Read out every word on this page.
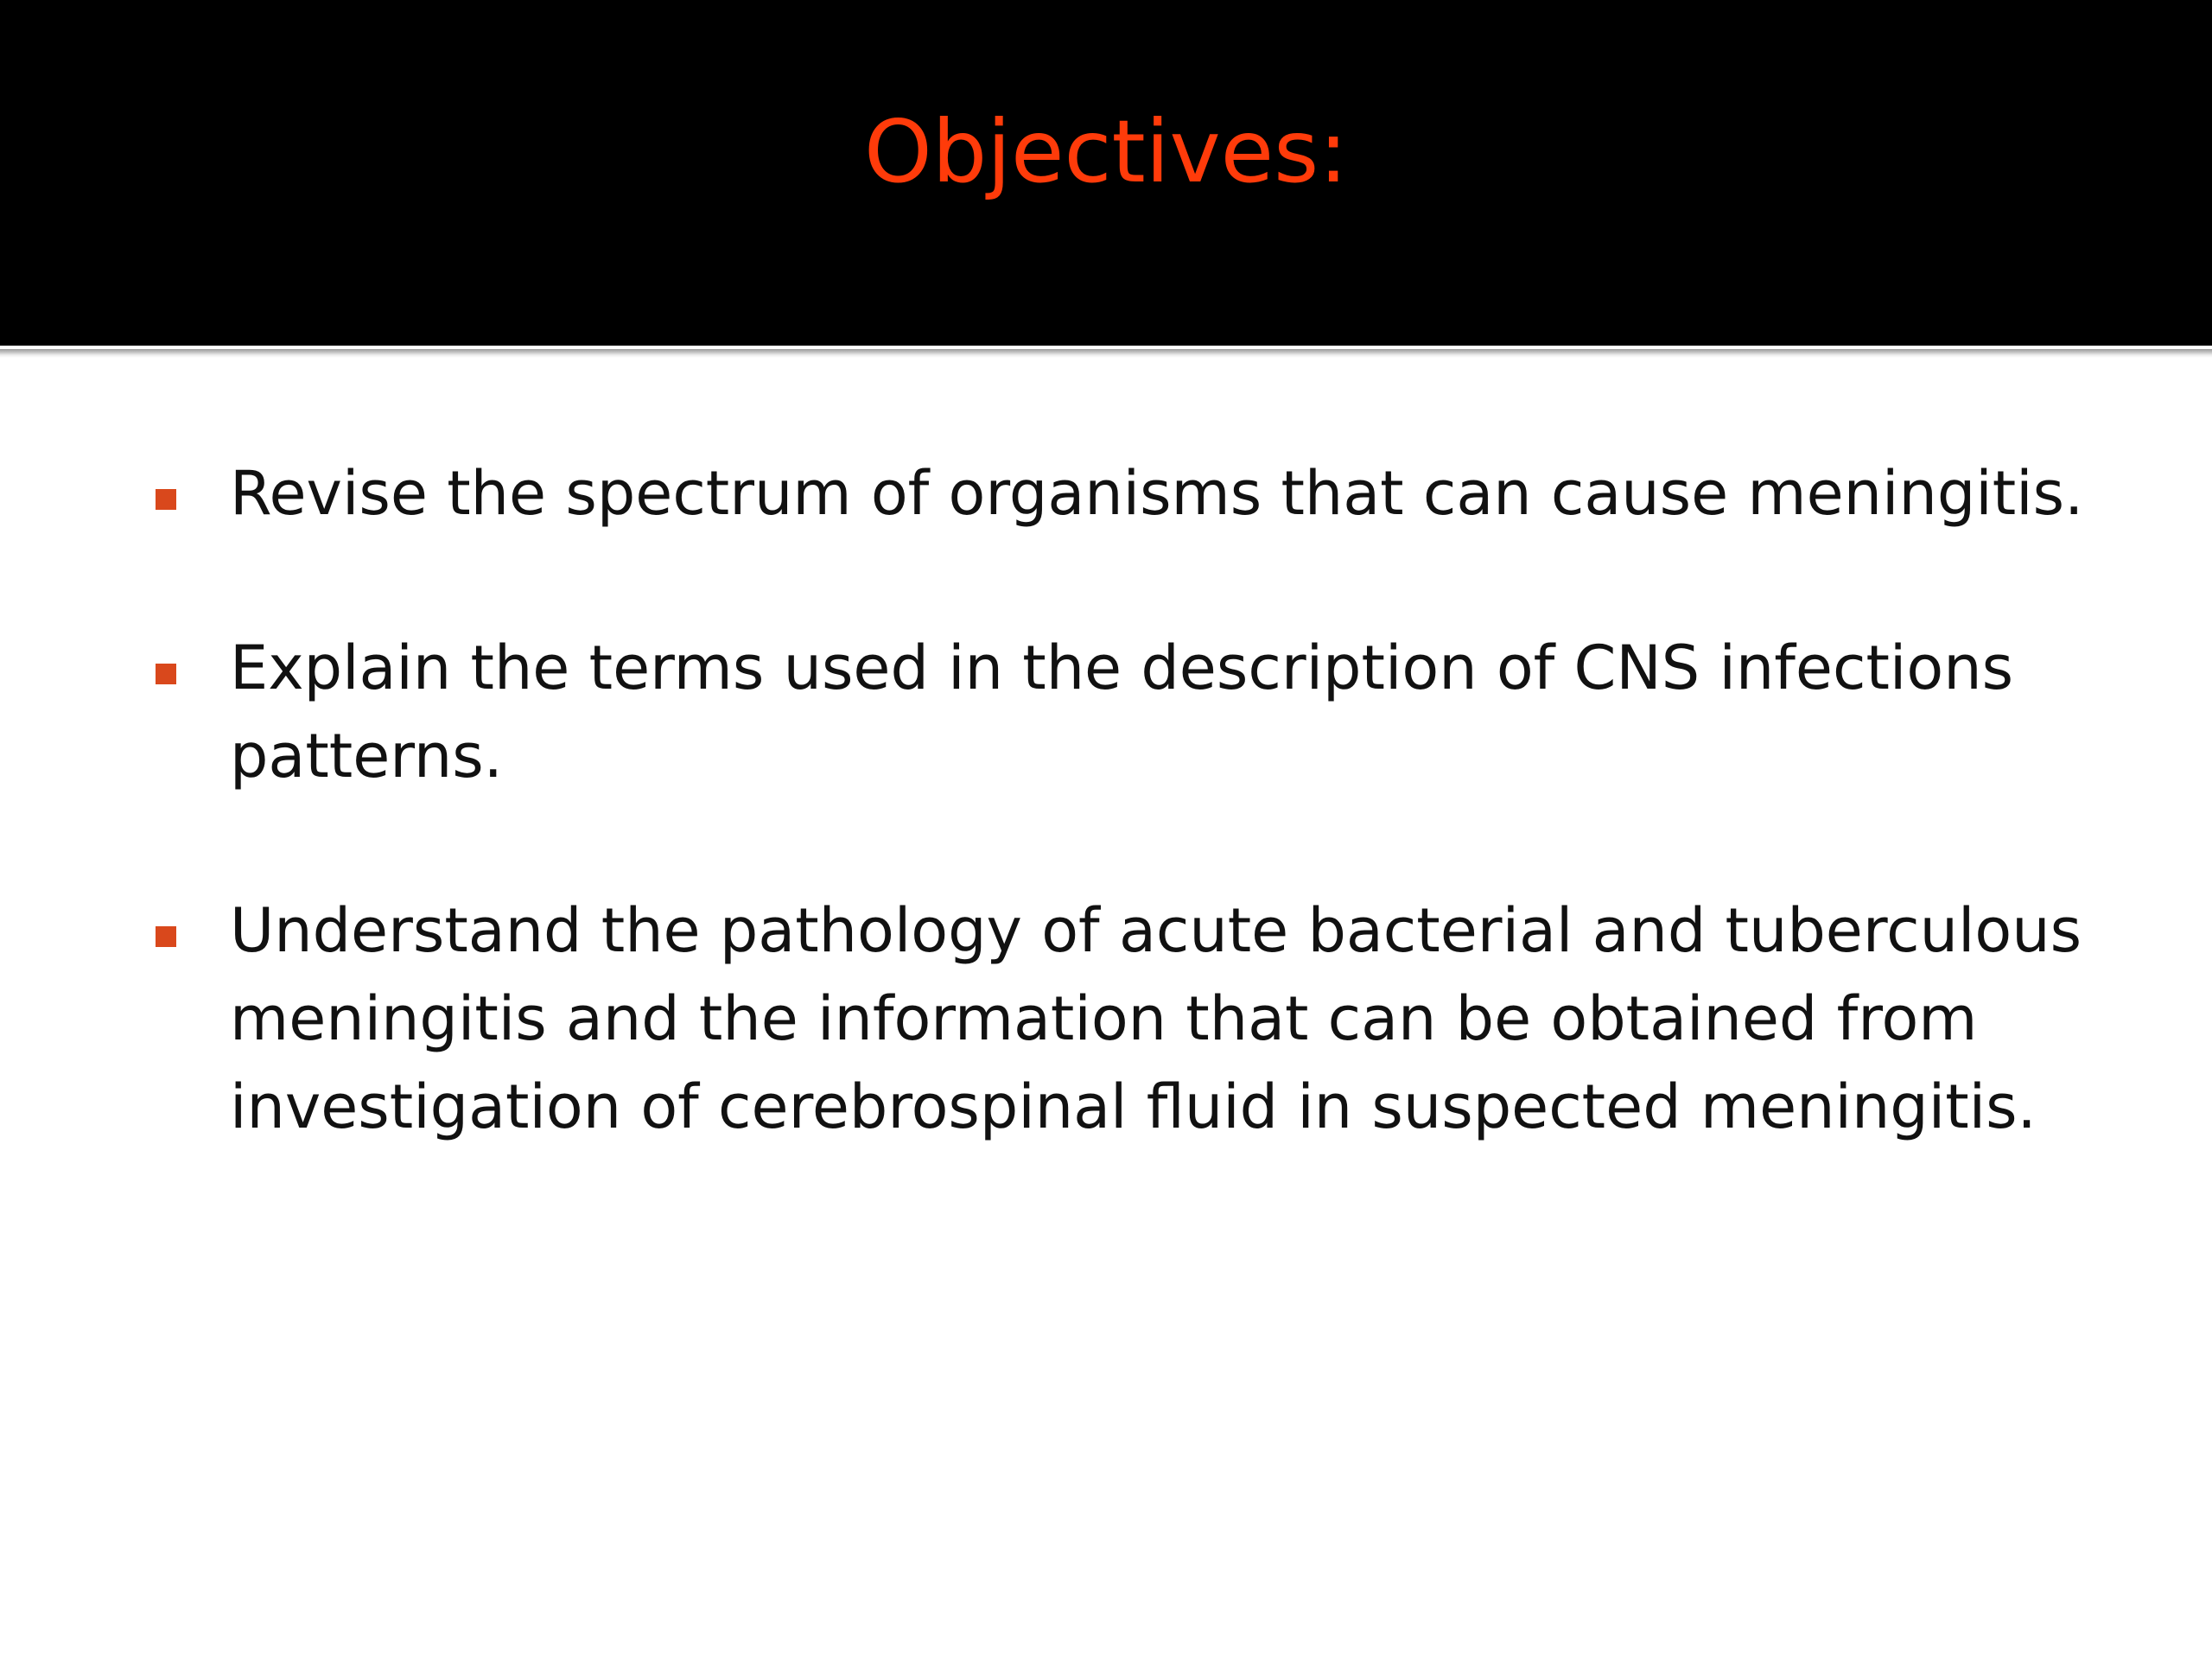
Objectives:
Revise the spectrum of organisms that can cause meningitis.
Explain the terms used in the description of CNS infections patterns.
Understand the pathology of acute bacterial and tuberculous meningitis and the information that can be obtained from investigation of cerebrospinal fluid in suspected meningitis.
